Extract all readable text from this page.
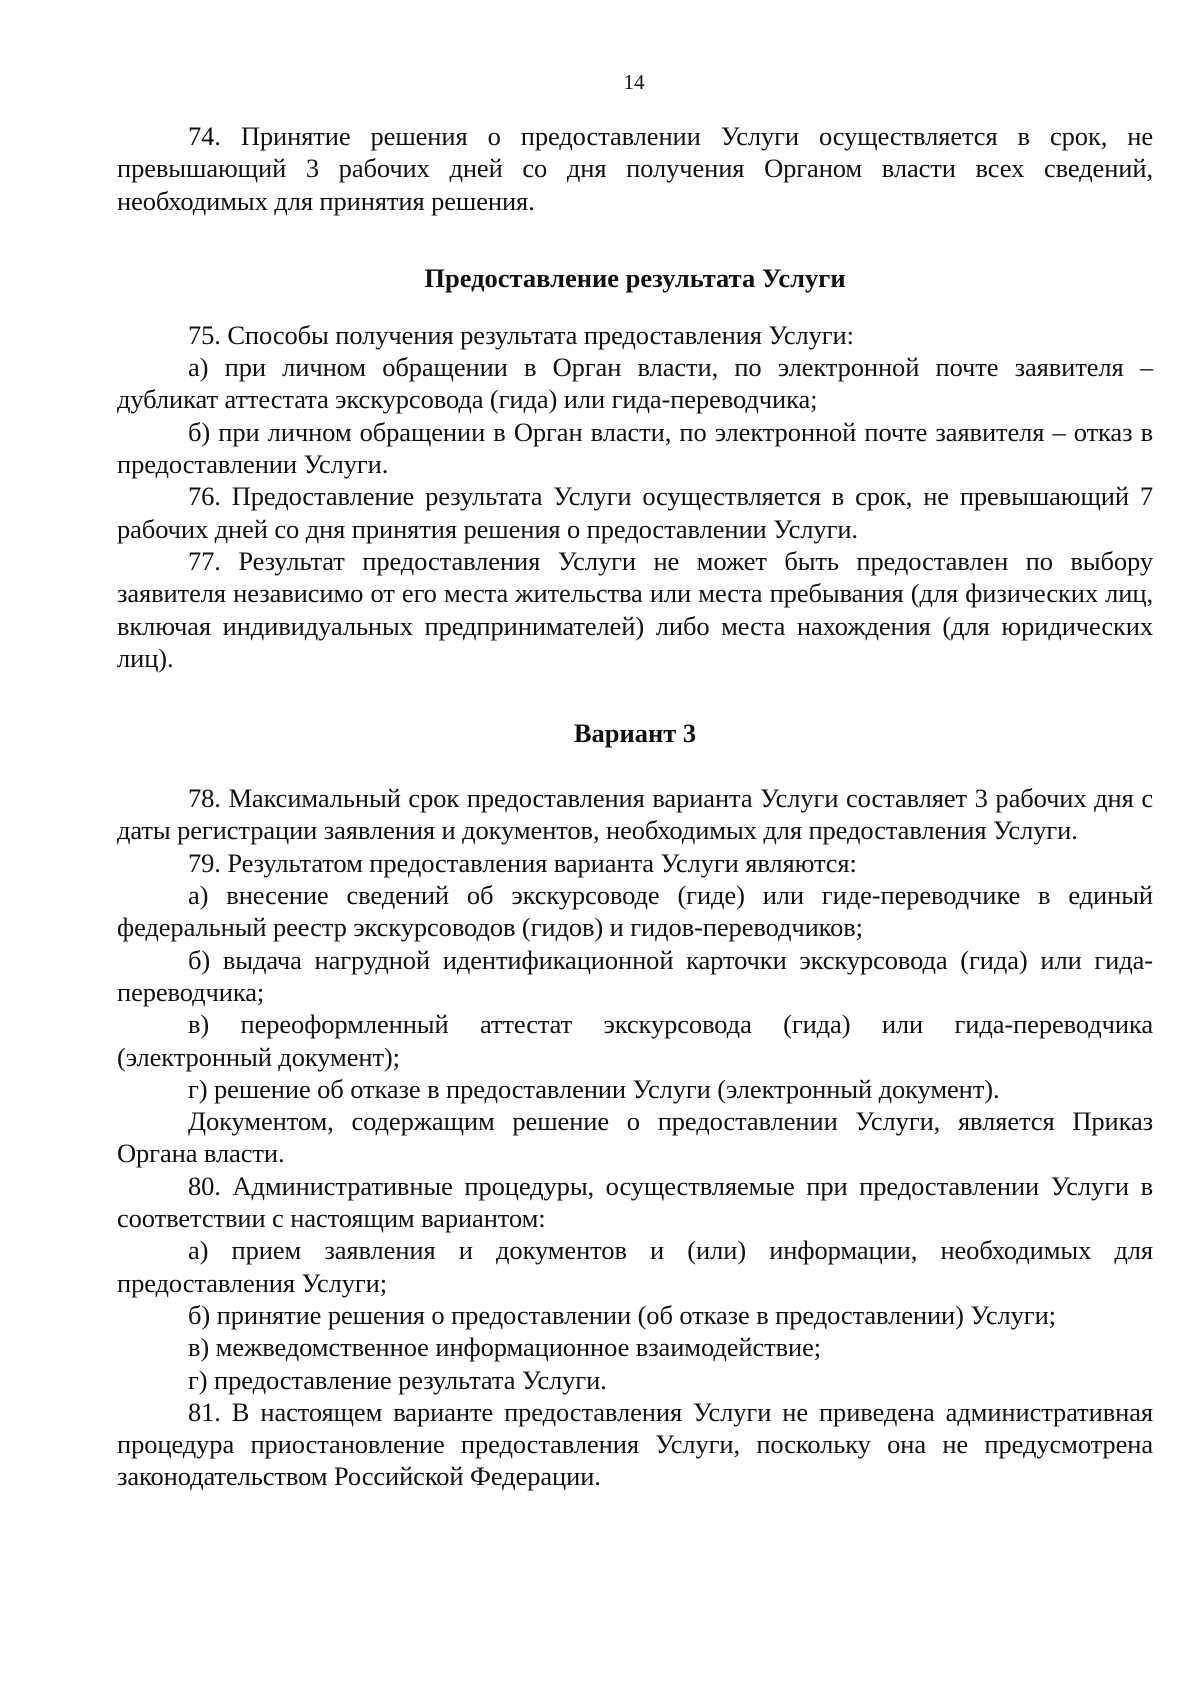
14

74. Принятие решения о предоставлении Услуги осуществляется в срок, не превышающий 3 рабочих дней со дня получения Органом власти всех сведений, необходимых для принятия решения.

Предоставление результата Услуги

75. Способы получения результата предоставления Услуги:

а) при личном обращении в Орган власти, по электронной почте заявителя – дубликат аттестата экскурсовода (гида) или гида-переводчика;

б) при личном обращении в Орган власти, по электронной почте заявителя – отказ в предоставлении Услуги.

76. Предоставление результата Услуги осуществляется в срок, не превышающий 7 рабочих дней со дня принятия решения о предоставлении Услуги.

77. Результат предоставления Услуги не может быть предоставлен по выбору заявителя независимо от его места жительства или места пребывания (для физических лиц, включая индивидуальных предпринимателей) либо места нахождения (для юридических лиц).

Вариант 3

78. Максимальный срок предоставления варианта Услуги составляет 3 рабочих дня с даты регистрации заявления и документов, необходимых для предоставления Услуги.

79. Результатом предоставления варианта Услуги являются:

а) внесение сведений об экскурсоводе (гиде) или гиде-переводчике в единый федеральный реестр экскурсоводов (гидов) и гидов-переводчиков;

б) выдача нагрудной идентификационной карточки экскурсовода (гида) или гида-переводчика;

в) переоформленный аттестат экскурсовода (гида) или гида-переводчика (электронный документ);

г) решение об отказе в предоставлении Услуги (электронный документ).

Документом, содержащим решение о предоставлении Услуги, является Приказ Органа власти.

80. Административные процедуры, осуществляемые при предоставлении Услуги в соответствии с настоящим вариантом:

а) прием заявления и документов и (или) информации, необходимых для предоставления Услуги;

б) принятие решения о предоставлении (об отказе в предоставлении) Услуги;

в) межведомственное информационное взаимодействие;

г) предоставление результата Услуги.

81. В настоящем варианте предоставления Услуги не приведена административная процедура приостановление предоставления Услуги, поскольку она не предусмотрена законодательством Российской Федерации.
